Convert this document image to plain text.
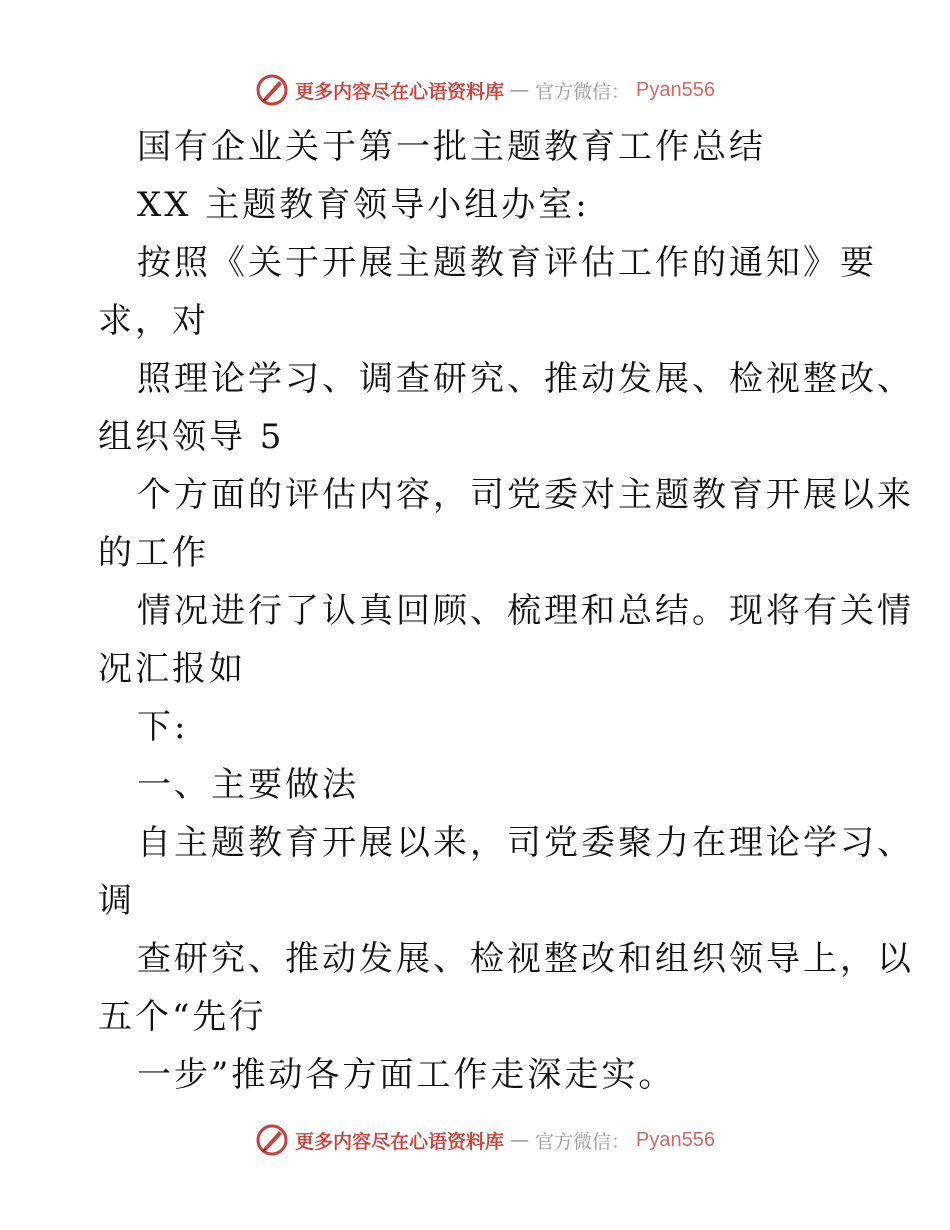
更多内容尽在心语资料库 — 官方微信： Pyan556
国有企业关于第一批主题教育工作总结
XX 主题教育领导小组办室:
按照《关于开展主题教育评估工作的通知》要
求，对
照理论学习、调查研究、推动发展、检视整改、
组织领导 5
个方面的评估内容，司党委对主题教育开展以来
的工作
情况进行了认真回顾、梳理和总结。现将有关情
况汇报如
下:
一、主要做法
自主题教育开展以来，司党委聚力在理论学习、
调
查研究、推动发展、检视整改和组织领导上，以
五个“先行
一步”推动各方面工作走深走实。
更多内容尽在心语资料库 — 官方微信： Pyan556
